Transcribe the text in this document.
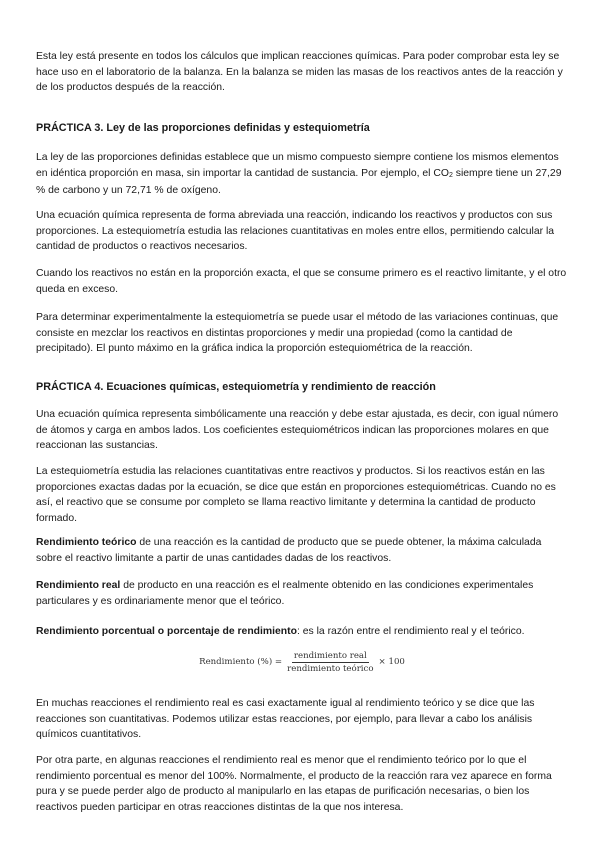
Esta ley está presente en todos los cálculos que implican reacciones químicas. Para poder comprobar esta ley se hace uso en el laboratorio de la balanza. En la balanza se miden las masas de los reactivos antes de la reacción y de los productos después de la reacción.

PRÁCTICA 3. Ley de las proporciones definidas y estequiometría

La ley de las proporciones definidas establece que un mismo compuesto siempre contiene los mismos elementos en idéntica proporción en masa, sin importar la cantidad de sustancia. Por ejemplo, el CO2 siempre tiene un 27,29 % de carbono y un 72,71 % de oxígeno.

Una ecuación química representa de forma abreviada una reacción, indicando los reactivos y productos con sus proporciones. La estequiometría estudia las relaciones cuantitativas en moles entre ellos, permitiendo calcular la cantidad de productos o reactivos necesarios.

Cuando los reactivos no están en la proporción exacta, el que se consume primero es el reactivo limitante, y el otro queda en exceso.

Para determinar experimentalmente la estequiometría se puede usar el método de las variaciones continuas, que consiste en mezclar los reactivos en distintas proporciones y medir una propiedad (como la cantidad de precipitado). El punto máximo en la gráfica indica la proporción estequiométrica de la reacción.

PRÁCTICA 4. Ecuaciones químicas, estequiometría y rendimiento de reacción

Una ecuación química representa simbólicamente una reacción y debe estar ajustada, es decir, con igual número de átomos y carga en ambos lados. Los coeficientes estequiométricos indican las proporciones molares en que reaccionan las sustancias.

La estequiometría estudia las relaciones cuantitativas entre reactivos y productos. Si los reactivos están en las proporciones exactas dadas por la ecuación, se dice que están en proporciones estequiométricas. Cuando no es así, el reactivo que se consume por completo se llama reactivo limitante y determina la cantidad de producto formado.

Rendimiento teórico de una reacción es la cantidad de producto que se puede obtener, la máxima calculada sobre el reactivo limitante a partir de unas cantidades dadas de los reactivos.

Rendimiento real de producto en una reacción es el realmente obtenido en las condiciones experimentales particulares y es ordinariamente menor que el teórico.

Rendimiento porcentual o porcentaje de rendimiento: es la razón entre el rendimiento real y el teórico.

Rendimiento (%) = $\frac{\text{rendimiento real}}{\text{rendimiento teórico}} \times 100$

En muchas reacciones el rendimiento real es casi exactamente igual al rendimiento teórico y se dice que las reacciones son cuantitativas. Podemos utilizar estas reacciones, por ejemplo, para llevar a cabo los análisis químicos cuantitativos.

Por otra parte, en algunas reacciones el rendimiento real es menor que el rendimiento teórico por lo que el rendimiento porcentual es menor del 100%. Normalmente, el producto de la reacción rara vez aparece en forma pura y se puede perder algo de producto al manipularlo en las etapas de purificación necesarias, o bien los reactivos pueden participar en otras reacciones distintas de la que nos interesa.
